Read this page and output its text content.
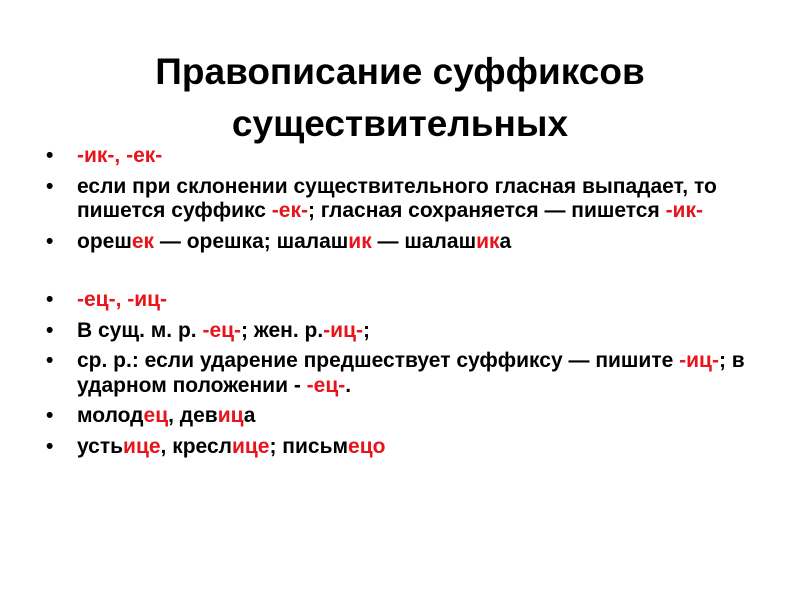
Правописание суффиксов
существительных
• -ик-, -ек-
• если при склонении существительного гласная выпадает, то пишется суффикс -ек-; гласная сохраняется — пишется -ик-
• орешек — орешка; шалашик — шалашика
• -ец-, -иц-
• В сущ. м. р. -ец-; жен. р.-иц-;
• ср. р.: если ударение предшествует суффиксу — пишите -иц-; в ударном положении - -ец-.
• молодец, девица
• устьице, креслице; письмецо
